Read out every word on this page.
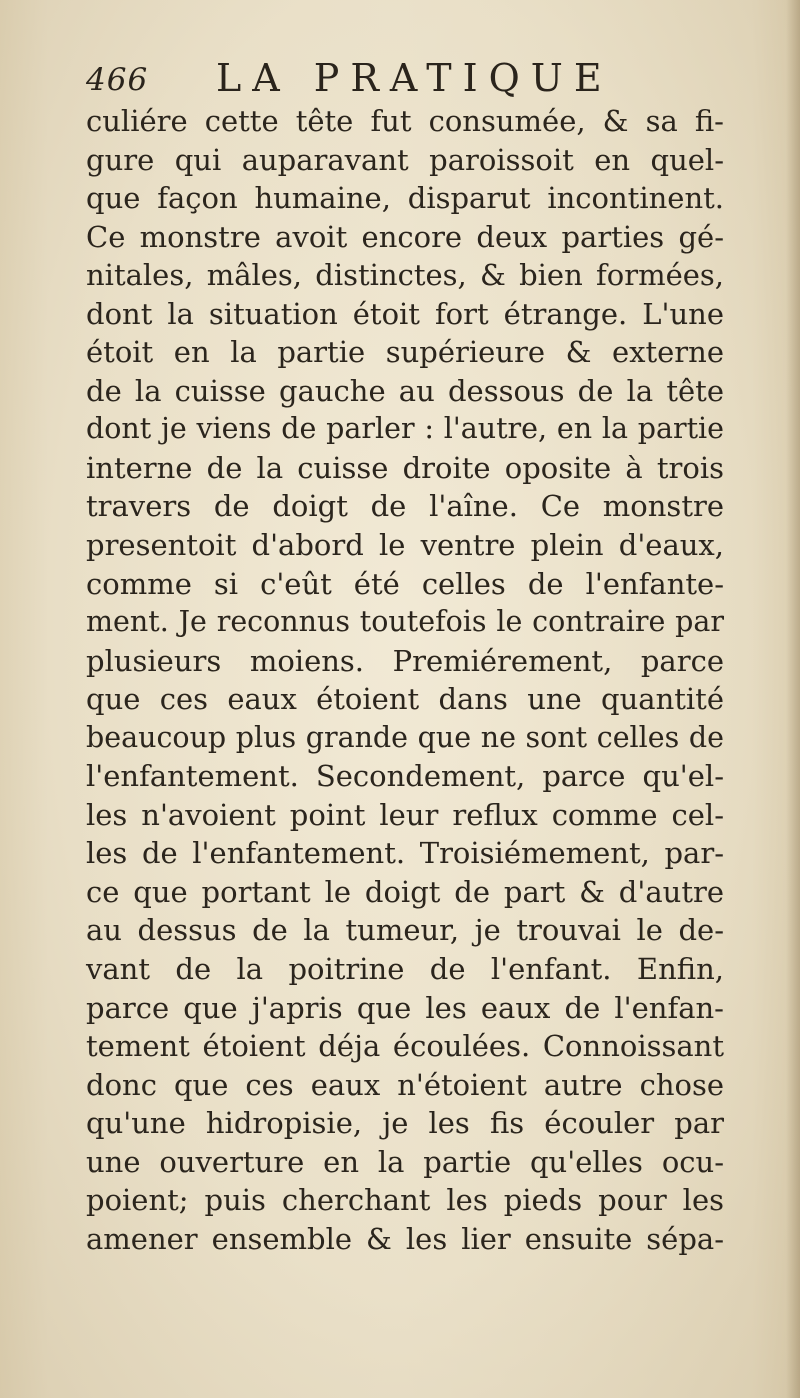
466 LA PRATIQUE
culiére cette tête fut consumée, & sa fi-
gure qui auparavant paroissoit en quel-
que façon humaine, disparut incontinent.
Ce monstre avoit encore deux parties gé-
nitales, mâles, distinctes, & bien formées,
dont la situation étoit fort étrange. L'une
étoit en la partie supérieure & externe
de la cuisse gauche au dessous de la tête
dont je viens de parler : l'autre, en la partie
interne de la cuisse droite oposite à trois
travers de doigt de l'aîne. Ce monstre
presentoit d'abord le ventre plein d'eaux,
comme si c'eût été celles de l'enfante-
ment. Je reconnus toutefois le contraire par
plusieurs moiens. Premiérement, parce
que ces eaux étoient dans une quantité
beaucoup plus grande que ne sont celles de
l'enfantement. Secondement, parce qu'el-
les n'avoient point leur reflux comme cel-
les de l'enfantement. Troisiémement, par-
ce que portant le doigt de part & d'autre
au dessus de la tumeur, je trouvai le de-
vant de la poitrine de l'enfant. Enfin,
parce que j'apris que les eaux de l'enfan-
tement étoient déja écoulées. Connoissant
donc que ces eaux n'étoient autre chose
qu'une hidropisie, je les fis écouler par
une ouverture en la partie qu'elles ocu-
poient; puis cherchant les pieds pour les
amener ensemble & les lier ensuite sépa-
